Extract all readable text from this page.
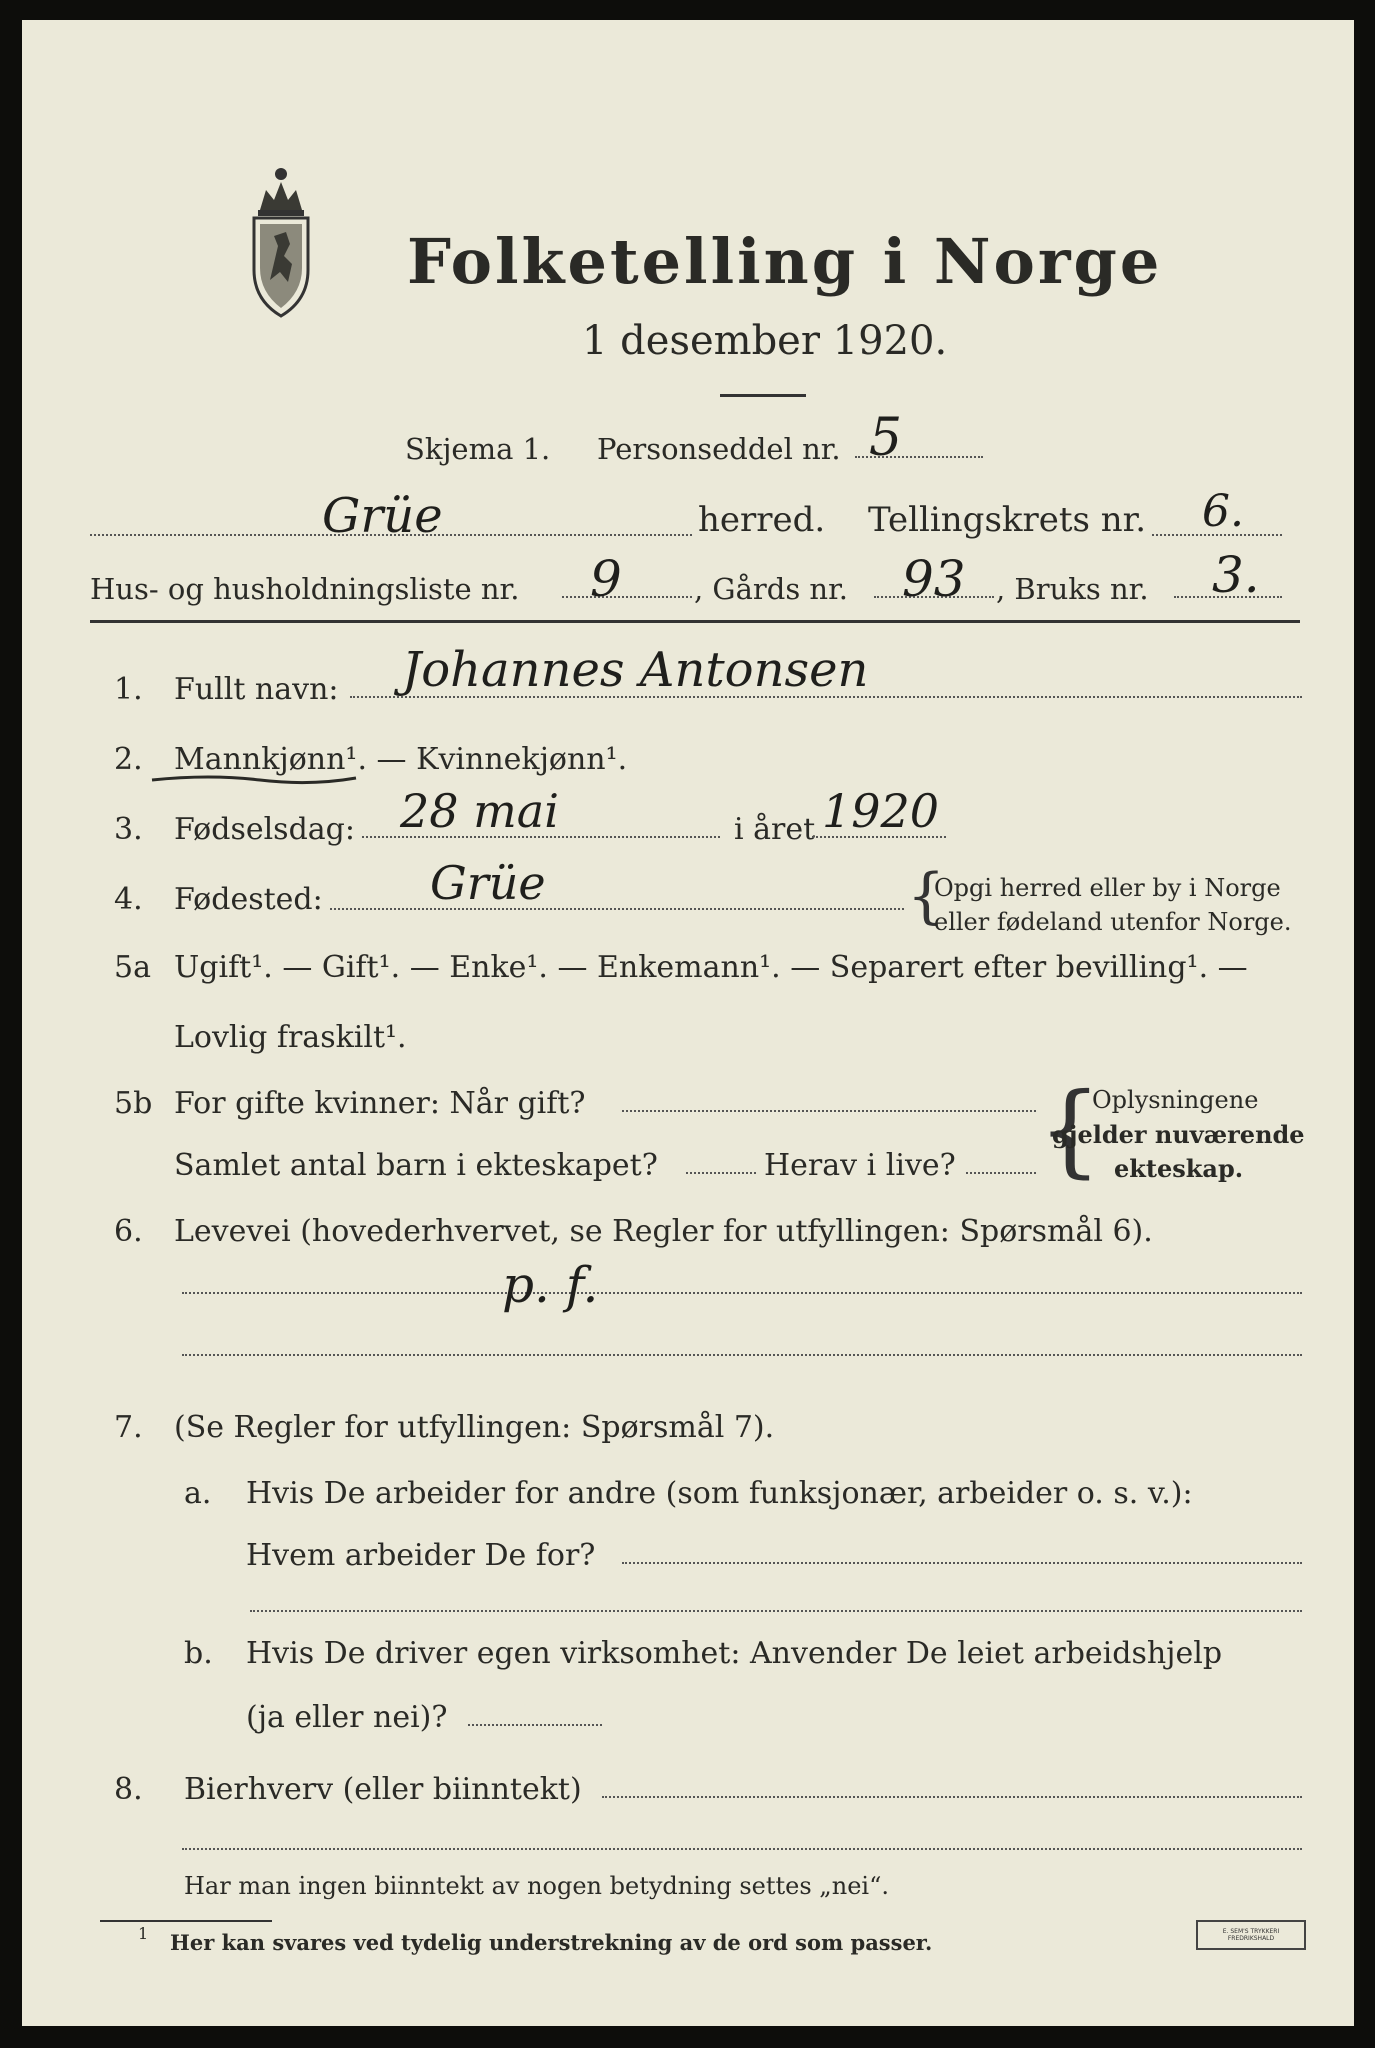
Folketelling i Norge
1 desember 1920.
Skjema 1. Personseddel nr. 5
Grüe	herred. Tellingskrets nr. 6.
Hus- og husholdningsliste nr. 9 , Gårds nr. 93 , Bruks nr. 3.
1. Fullt navn: Johannes Antonsen
2. Mannkjønn¹. — Kvinnekjønn¹.
3. Fødselsdag: 28 mai	i året 1920
4. Fødested: Grüe	{
Opgi herred eller by i Norge
eller fødeland utenfor Norge.
5a Ugift¹. — Gift¹. — Enke¹. — Enkemann¹. — Separert efter bevilling¹. —
Lovlig fraskilt¹.
5b For gifte kvinner: Når gift?
Samlet antal barn i ekteskapet?	Herav i live? {
Oplysningene
gjelder nuværende
ekteskap.
6. Levevei (hovederhvervet, se Regler for utfyllingen: Spørsmål 6).
p. f.
7. (Se Regler for utfyllingen: Spørsmål 7).
a. Hvis De arbeider for andre (som funksjonær, arbeider o. s. v.):
Hvem arbeider De for?
b. Hvis De driver egen virksomhet: Anvender De leiet arbeidshjelp
(ja eller nei)?
8. Bierhverv (eller biinntekt)
Har man ingen biinntekt av nogen betydning settes „nei“.
1 Her kan svares ved tydelig understrekning av de ord som passer.	E. SEM'S TRYKKERI FREDRIKSHALD
